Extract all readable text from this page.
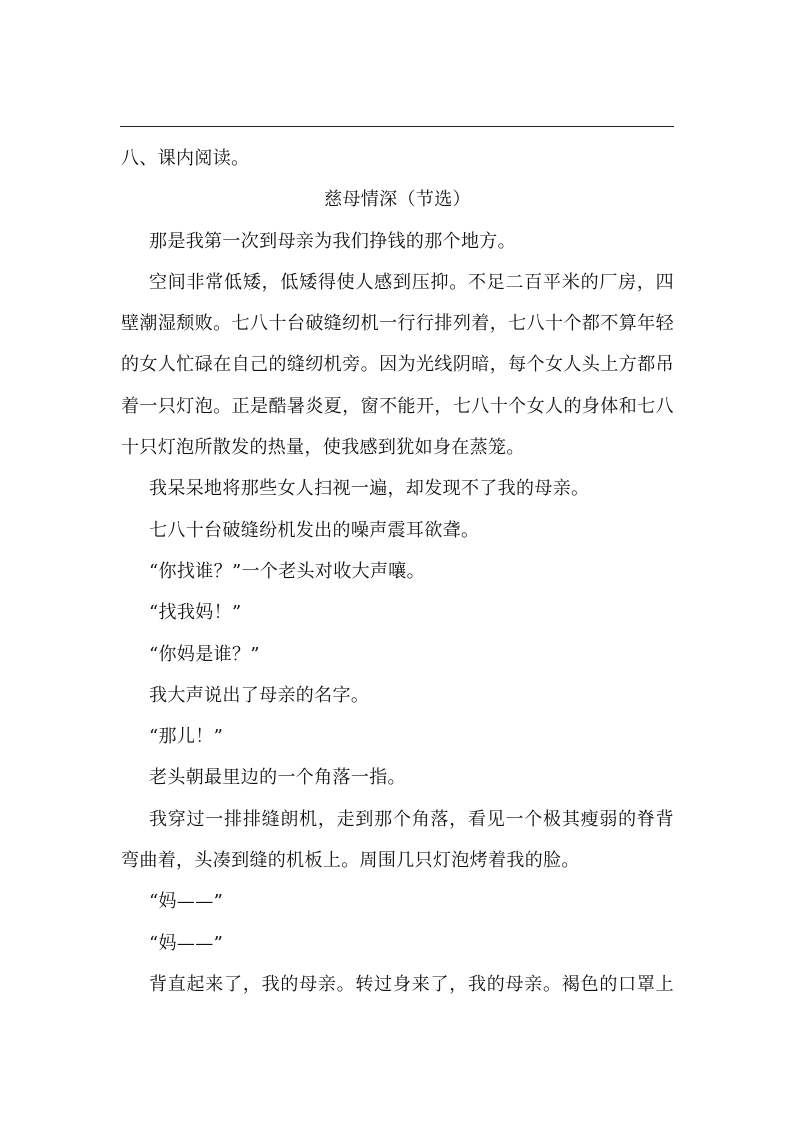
八、课内阅读。
慈母情深（节选）
那是我第一次到母亲为我们挣钱的那个地方。
空间非常低矮，低矮得使人感到压抑。不足二百平米的厂房，四
壁潮湿颓败。七八十台破缝纫机一行行排列着，七八十个都不算年轻
的女人忙碌在自己的缝纫机旁。因为光线阴暗，每个女人头上方都吊
着一只灯泡。正是酷暑炎夏，窗不能开，七八十个女人的身体和七八
十只灯泡所散发的热量，使我感到犹如身在蒸笼。
我呆呆地将那些女人扫视一遍，却发现不了我的母亲。
七八十台破缝纷机发出的噪声震耳欲聋。
“你找谁？”一个老头对收大声嚷。
“找我妈！”
“你妈是谁？”
我大声说出了母亲的名字。
“那儿！”
老头朝最里边的一个角落一指。
我穿过一排排缝朗机，走到那个角落，看见一个极其瘦弱的脊背
弯曲着，头凑到缝的机板上。周围几只灯泡烤着我的脸。
“妈——”
“妈——”
背直起来了，我的母亲。转过身来了，我的母亲。褐色的口罩上
